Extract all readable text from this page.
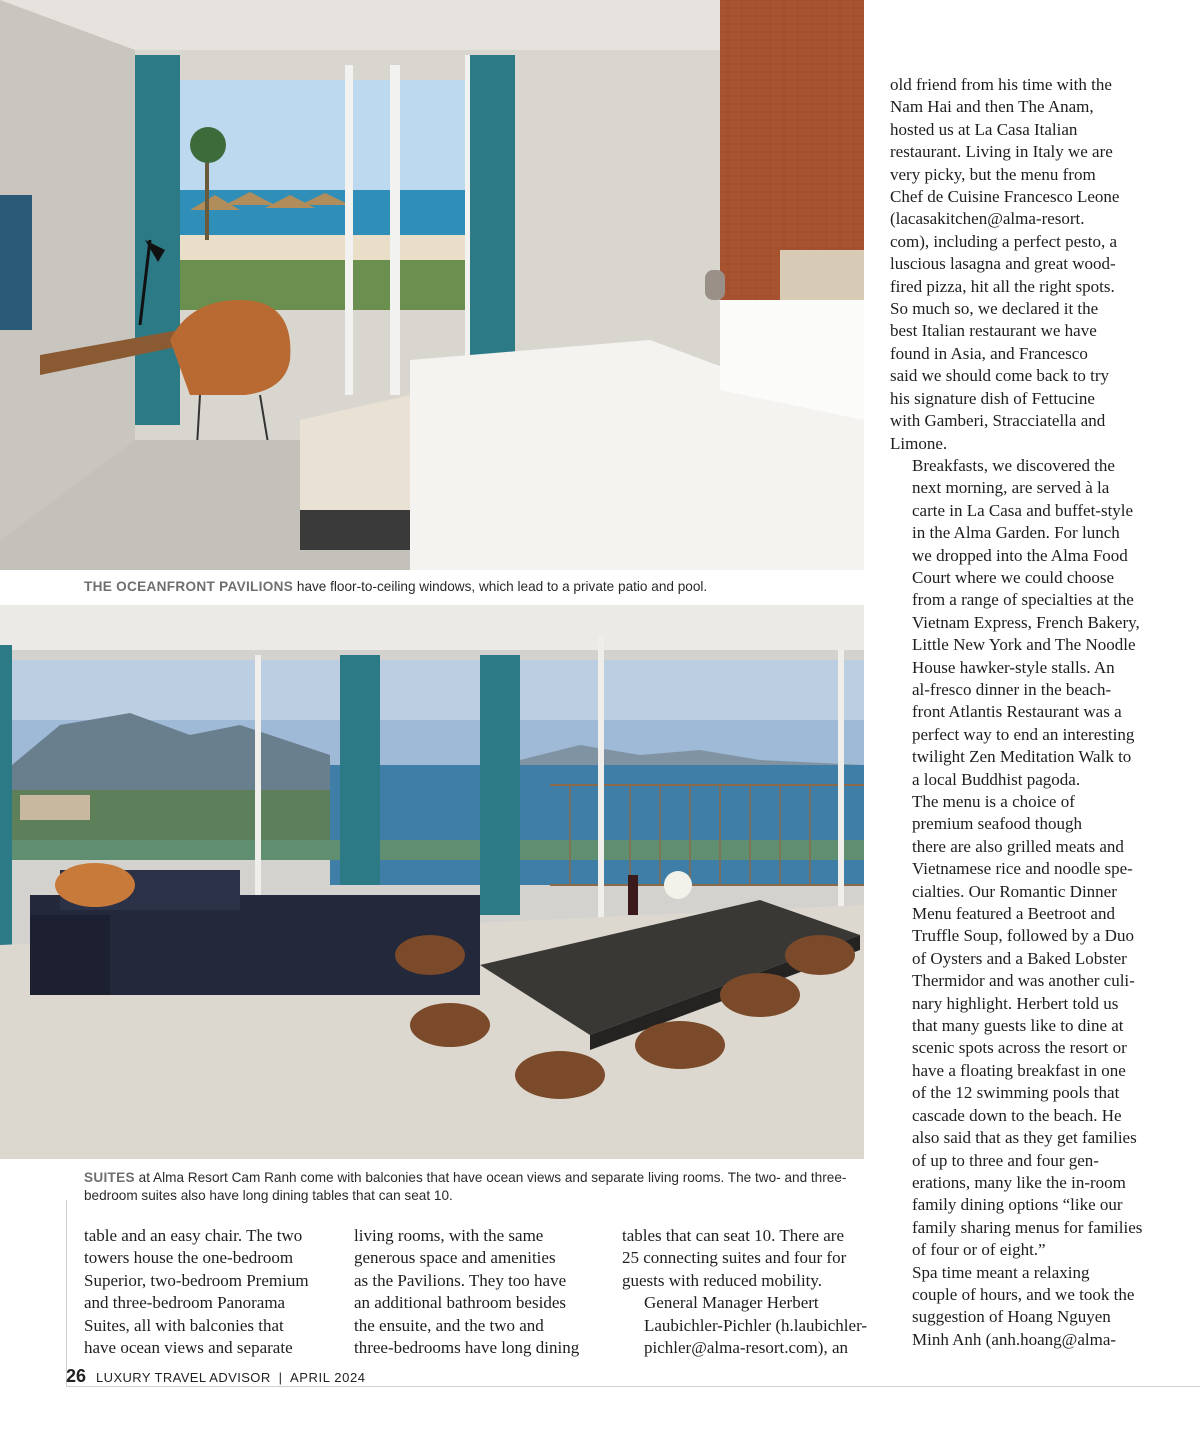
THE OCEANFRONT PAVILIONS have floor-to-ceiling windows, which lead to a private patio and pool.
SUITES at Alma Resort Cam Ranh come with balconies that have ocean views and separate living rooms. The two- and three-bedroom suites also have long dining tables that can seat 10.

old friend from his time with the
Nam Hai and then The Anam,
hosted us at La Casa Italian
restaurant. Living in Italy we are
very picky, but the menu from
Chef de Cuisine Francesco Leone
(lacasakitchen@alma-resort.
com), including a perfect pesto, a
luscious lasagna and great wood-
fired pizza, hit all the right spots.
So much so, we declared it the
best Italian restaurant we have
found in Asia, and Francesco
said we should come back to try
his signature dish of Fettucine
with Gamberi, Stracciatella and
Limone.

Breakfasts, we discovered the
next morning, are served à la
carte in La Casa and buffet-style
in the Alma Garden. For lunch
we dropped into the Alma Food
Court where we could choose
from a range of specialties at the
Vietnam Express, French Bakery,
Little New York and The Noodle
House hawker-style stalls. An
al-fresco dinner in the beach-
front Atlantis Restaurant was a
perfect way to end an interesting
twilight Zen Meditation Walk to
a local Buddhist pagoda.

The menu is a choice of
premium seafood though
there are also grilled meats and
Vietnamese rice and noodle spe-
cialties. Our Romantic Dinner
Menu featured a Beetroot and
Truffle Soup, followed by a Duo
of Oysters and a Baked Lobster
Thermidor and was another culi-
nary highlight. Herbert told us
that many guests like to dine at
scenic spots across the resort or
have a floating breakfast in one
of the 12 swimming pools that
cascade down to the beach. He
also said that as they get families
of up to three and four gen-
erations, many like the in-room
family dining options “like our
family sharing menus for families
of four or of eight.”

Spa time meant a relaxing
couple of hours, and we took the
suggestion of Hoang Nguyen
Minh Anh (anh.hoang@alma-

table and an easy chair. The two
towers house the one-bedroom
Superior, two-bedroom Premium
and three-bedroom Panorama
Suites, all with balconies that
have ocean views and separate

living rooms, with the same
generous space and amenities
as the Pavilions. They too have
an additional bathroom besides
the ensuite, and the two and
three-bedrooms have long dining

tables that can seat 10. There are
25 connecting suites and four for
guests with reduced mobility.

General Manager Herbert
Laubichler-Pichler (h.laubichler-
pichler@alma-resort.com), an

26 LUXURY TRAVEL ADVISOR | APRIL 2024
